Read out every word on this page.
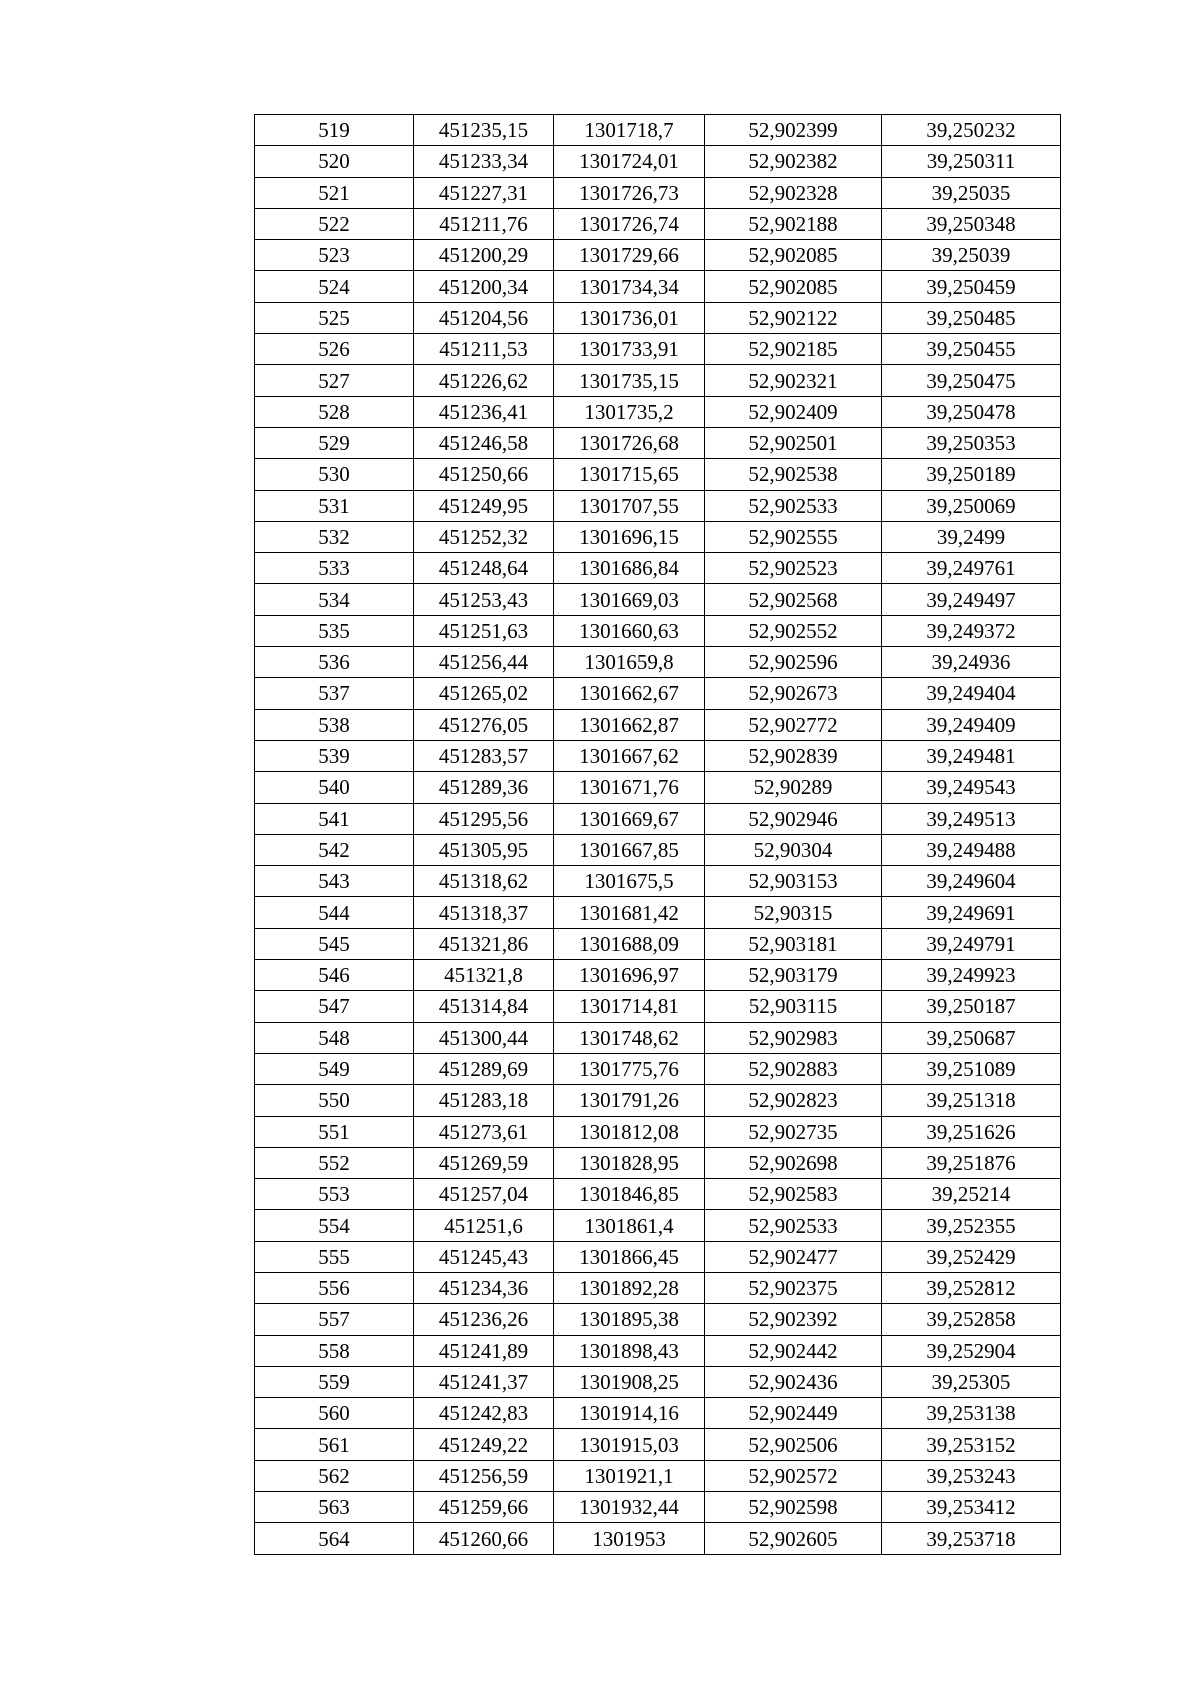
519	451235,15	1301718,7	52,902399	39,250232
520	451233,34	1301724,01	52,902382	39,250311
521	451227,31	1301726,73	52,902328	39,25035
522	451211,76	1301726,74	52,902188	39,250348
523	451200,29	1301729,66	52,902085	39,25039
524	451200,34	1301734,34	52,902085	39,250459
525	451204,56	1301736,01	52,902122	39,250485
526	451211,53	1301733,91	52,902185	39,250455
527	451226,62	1301735,15	52,902321	39,250475
528	451236,41	1301735,2	52,902409	39,250478
529	451246,58	1301726,68	52,902501	39,250353
530	451250,66	1301715,65	52,902538	39,250189
531	451249,95	1301707,55	52,902533	39,250069
532	451252,32	1301696,15	52,902555	39,2499
533	451248,64	1301686,84	52,902523	39,249761
534	451253,43	1301669,03	52,902568	39,249497
535	451251,63	1301660,63	52,902552	39,249372
536	451256,44	1301659,8	52,902596	39,24936
537	451265,02	1301662,67	52,902673	39,249404
538	451276,05	1301662,87	52,902772	39,249409
539	451283,57	1301667,62	52,902839	39,249481
540	451289,36	1301671,76	52,90289	39,249543
541	451295,56	1301669,67	52,902946	39,249513
542	451305,95	1301667,85	52,90304	39,249488
543	451318,62	1301675,5	52,903153	39,249604
544	451318,37	1301681,42	52,90315	39,249691
545	451321,86	1301688,09	52,903181	39,249791
546	451321,8	1301696,97	52,903179	39,249923
547	451314,84	1301714,81	52,903115	39,250187
548	451300,44	1301748,62	52,902983	39,250687
549	451289,69	1301775,76	52,902883	39,251089
550	451283,18	1301791,26	52,902823	39,251318
551	451273,61	1301812,08	52,902735	39,251626
552	451269,59	1301828,95	52,902698	39,251876
553	451257,04	1301846,85	52,902583	39,25214
554	451251,6	1301861,4	52,902533	39,252355
555	451245,43	1301866,45	52,902477	39,252429
556	451234,36	1301892,28	52,902375	39,252812
557	451236,26	1301895,38	52,902392	39,252858
558	451241,89	1301898,43	52,902442	39,252904
559	451241,37	1301908,25	52,902436	39,25305
560	451242,83	1301914,16	52,902449	39,253138
561	451249,22	1301915,03	52,902506	39,253152
562	451256,59	1301921,1	52,902572	39,253243
563	451259,66	1301932,44	52,902598	39,253412
564	451260,66	1301953	52,902605	39,253718
